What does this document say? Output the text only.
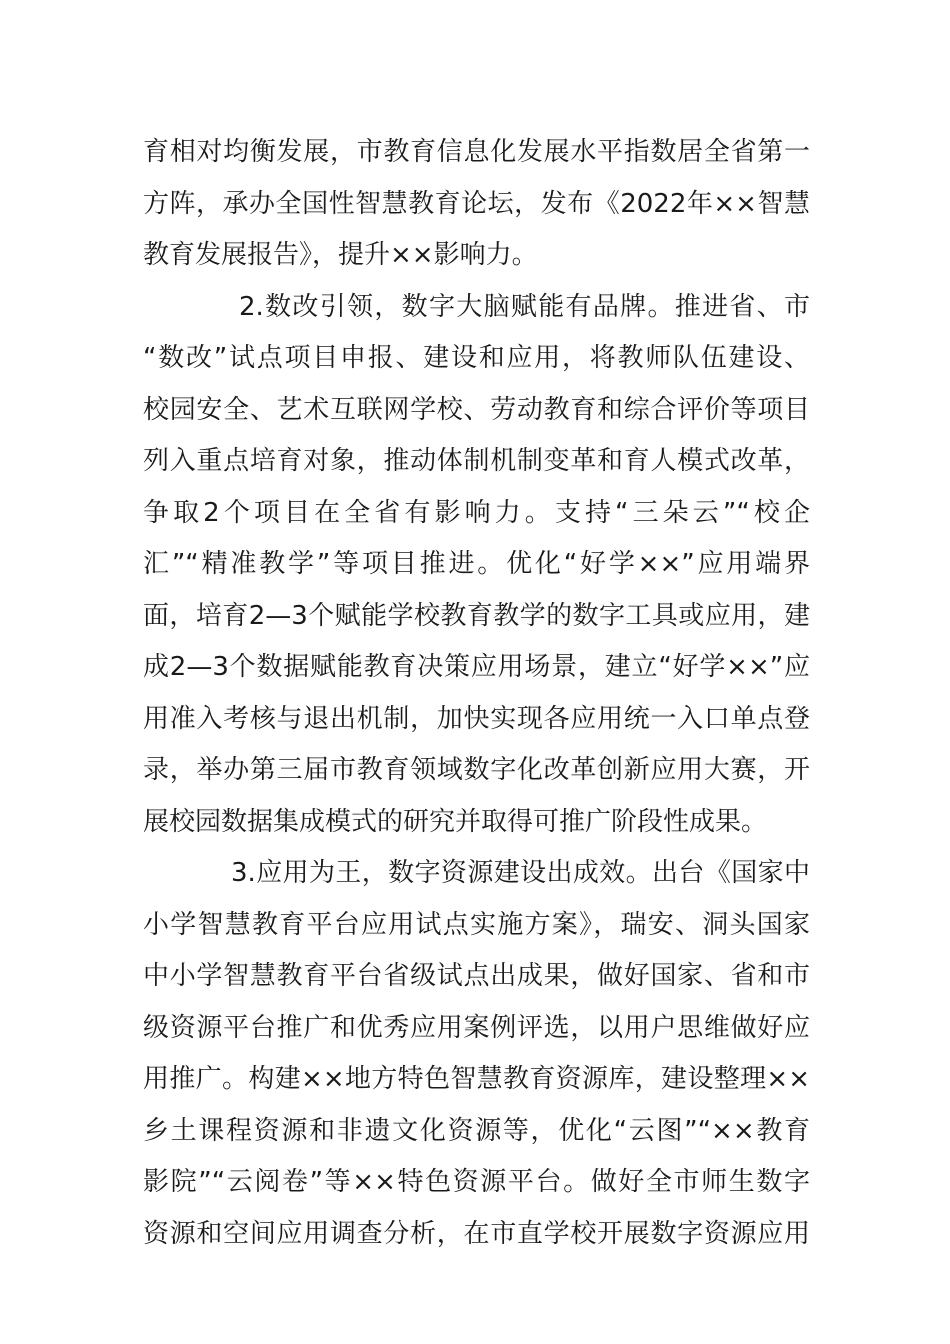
育相对均衡发展，市教育信息化发展水平指数居全省第一
方阵，承办全国性智慧教育论坛，发布《2022年××智慧
教育发展报告》，提升××影响力。
2.数改引领，数字大脑赋能有品牌。推进省、市
“数改”试点项目申报、建设和应用，将教师队伍建设、
校园安全、艺术互联网学校、劳动教育和综合评价等项目
列入重点培育对象，推动体制机制变革和育人模式改革，
争取2个项目在全省有影响力。支持“三朵云”“校企
汇”“精准教学”等项目推进。优化“好学××”应用端界
面，培育2—3个赋能学校教育教学的数字工具或应用，建
成2—3个数据赋能教育决策应用场景，建立“好学××”应
用准入考核与退出机制，加快实现各应用统一入口单点登
录，举办第三届市教育领域数字化改革创新应用大赛，开
展校园数据集成模式的研究并取得可推广阶段性成果。
3.应用为王，数字资源建设出成效。出台《国家中
小学智慧教育平台应用试点实施方案》，瑞安、洞头国家
中小学智慧教育平台省级试点出成果，做好国家、省和市
级资源平台推广和优秀应用案例评选，以用户思维做好应
用推广。构建××地方特色智慧教育资源库，建设整理××
乡土课程资源和非遗文化资源等，优化“云图”“××教育
影院”“云阅卷”等××特色资源平台。做好全市师生数字
资源和空间应用调查分析，在市直学校开展数字资源应用
